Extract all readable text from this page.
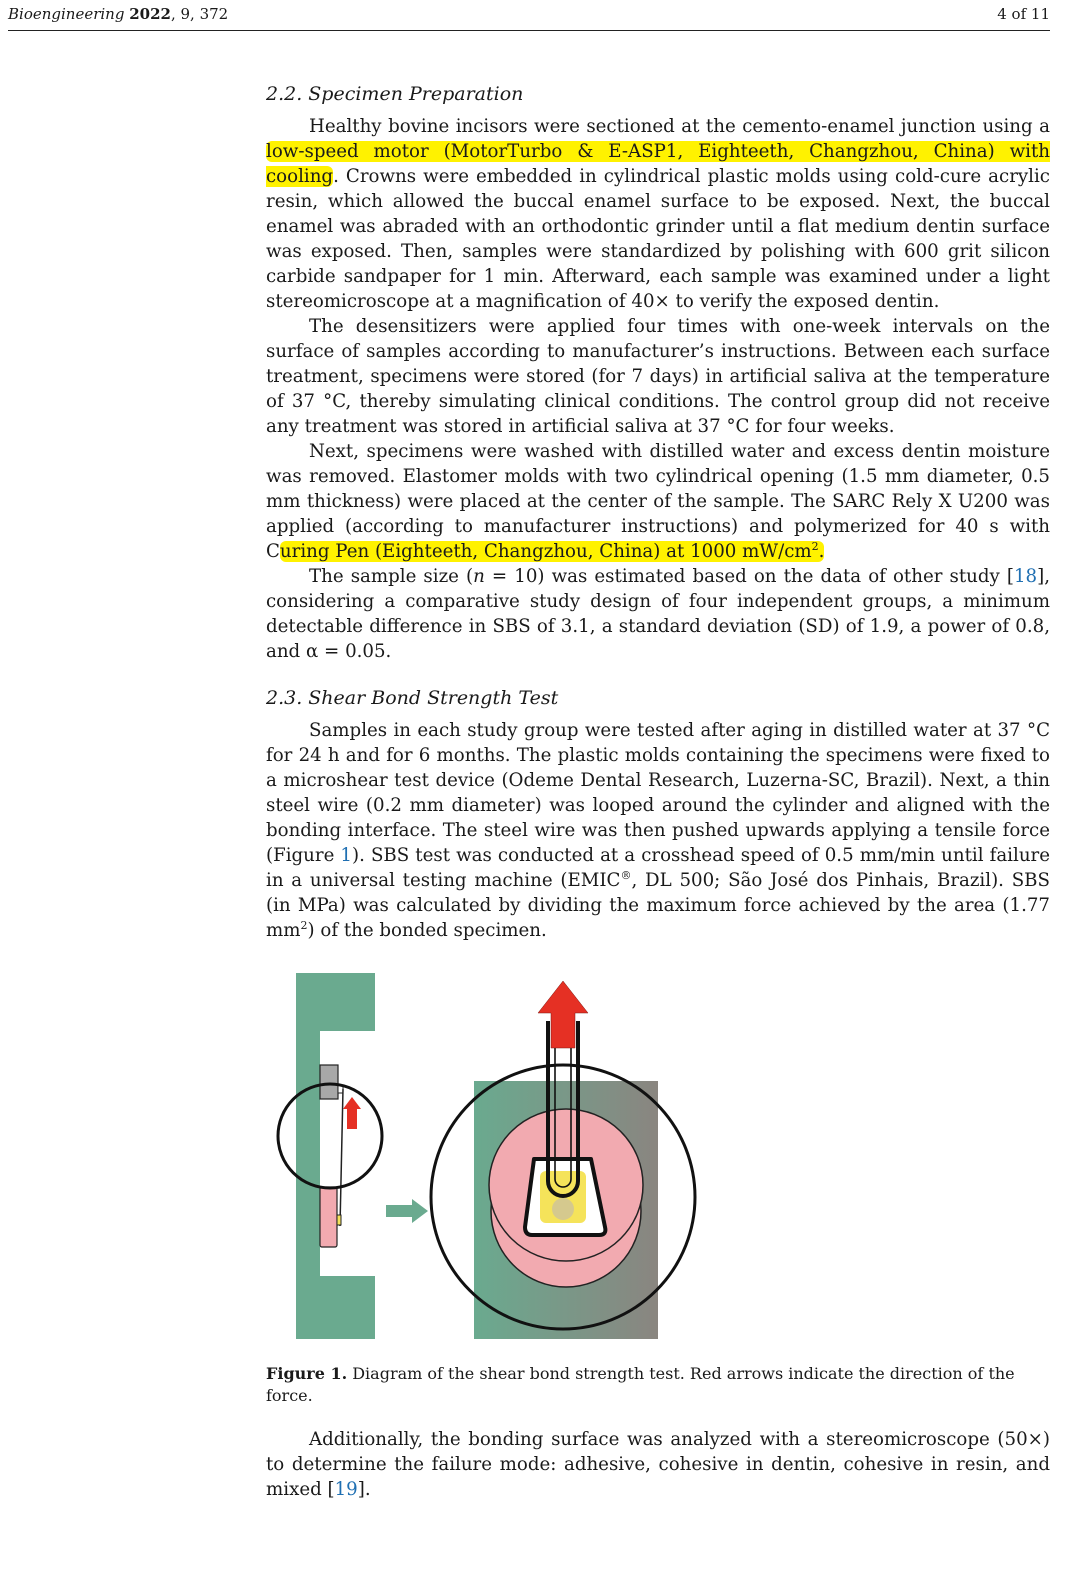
Bioengineering 2022, 9, 372	4 of 11
2.2. Specimen Preparation

Healthy bovine incisors were sectioned at the cemento-enamel junction using a low-speed motor (MotorTurbo & E-ASP1, Eighteeth, Changzhou, China) with cooling. Crowns were embedded in cylindrical plastic molds using cold-cure acrylic resin, which allowed the buccal enamel surface to be exposed. Next, the buccal enamel was abraded with an orthodontic grinder until a flat medium dentin surface was exposed. Then, samples were standardized by polishing with 600 grit silicon carbide sandpaper for 1 min. Afterward, each sample was examined under a light stereomicroscope at a magnification of 40× to verify the exposed dentin.

The desensitizers were applied four times with one-week intervals on the surface of samples according to manufacturer’s instructions. Between each surface treatment, specimens were stored (for 7 days) in artificial saliva at the temperature of 37 °C, thereby simulating clinical conditions. The control group did not receive any treatment was stored in artificial saliva at 37 °C for four weeks.

Next, specimens were washed with distilled water and excess dentin moisture was removed. Elastomer molds with two cylindrical opening (1.5 mm diameter, 0.5 mm thickness) were placed at the center of the sample. The SARC Rely X U200 was applied (according to manufacturer instructions) and polymerized for 40 s with Curing Pen (Eighteeth, Changzhou, China) at 1000 $mW/cm^2$.

The sample size (n = 10) was estimated based on the data of other study [18], considering a comparative study design of four independent groups, a minimum detectable difference in SBS of 3.1, a standard deviation (SD) of 1.9, a power of 0.8, and α = 0.05.

2.3. Shear Bond Strength Test

Samples in each study group were tested after aging in distilled water at 37 °C for 24 h and for 6 months. The plastic molds containing the specimens were fixed to a microshear test device (Odeme Dental Research, Luzerna-SC, Brazil). Next, a thin steel wire (0.2 mm diameter) was looped around the cylinder and aligned with the bonding interface. The steel wire was then pushed upwards applying a tensile force (Figure 1). SBS test was conducted at a crosshead speed of 0.5 mm/min until failure in a universal testing machine (EMIC®, DL 500; São José dos Pinhais, Brazil). SBS (in MPa) was calculated by dividing the maximum force achieved by the area (1.77 $mm^2$) of the bonded specimen.

Figure 1. Diagram of the shear bond strength test. Red arrows indicate the direction of the force.

Additionally, the bonding surface was analyzed with a stereomicroscope (50×) to determine the failure mode: adhesive, cohesive in dentin, cohesive in resin, and mixed [19].
